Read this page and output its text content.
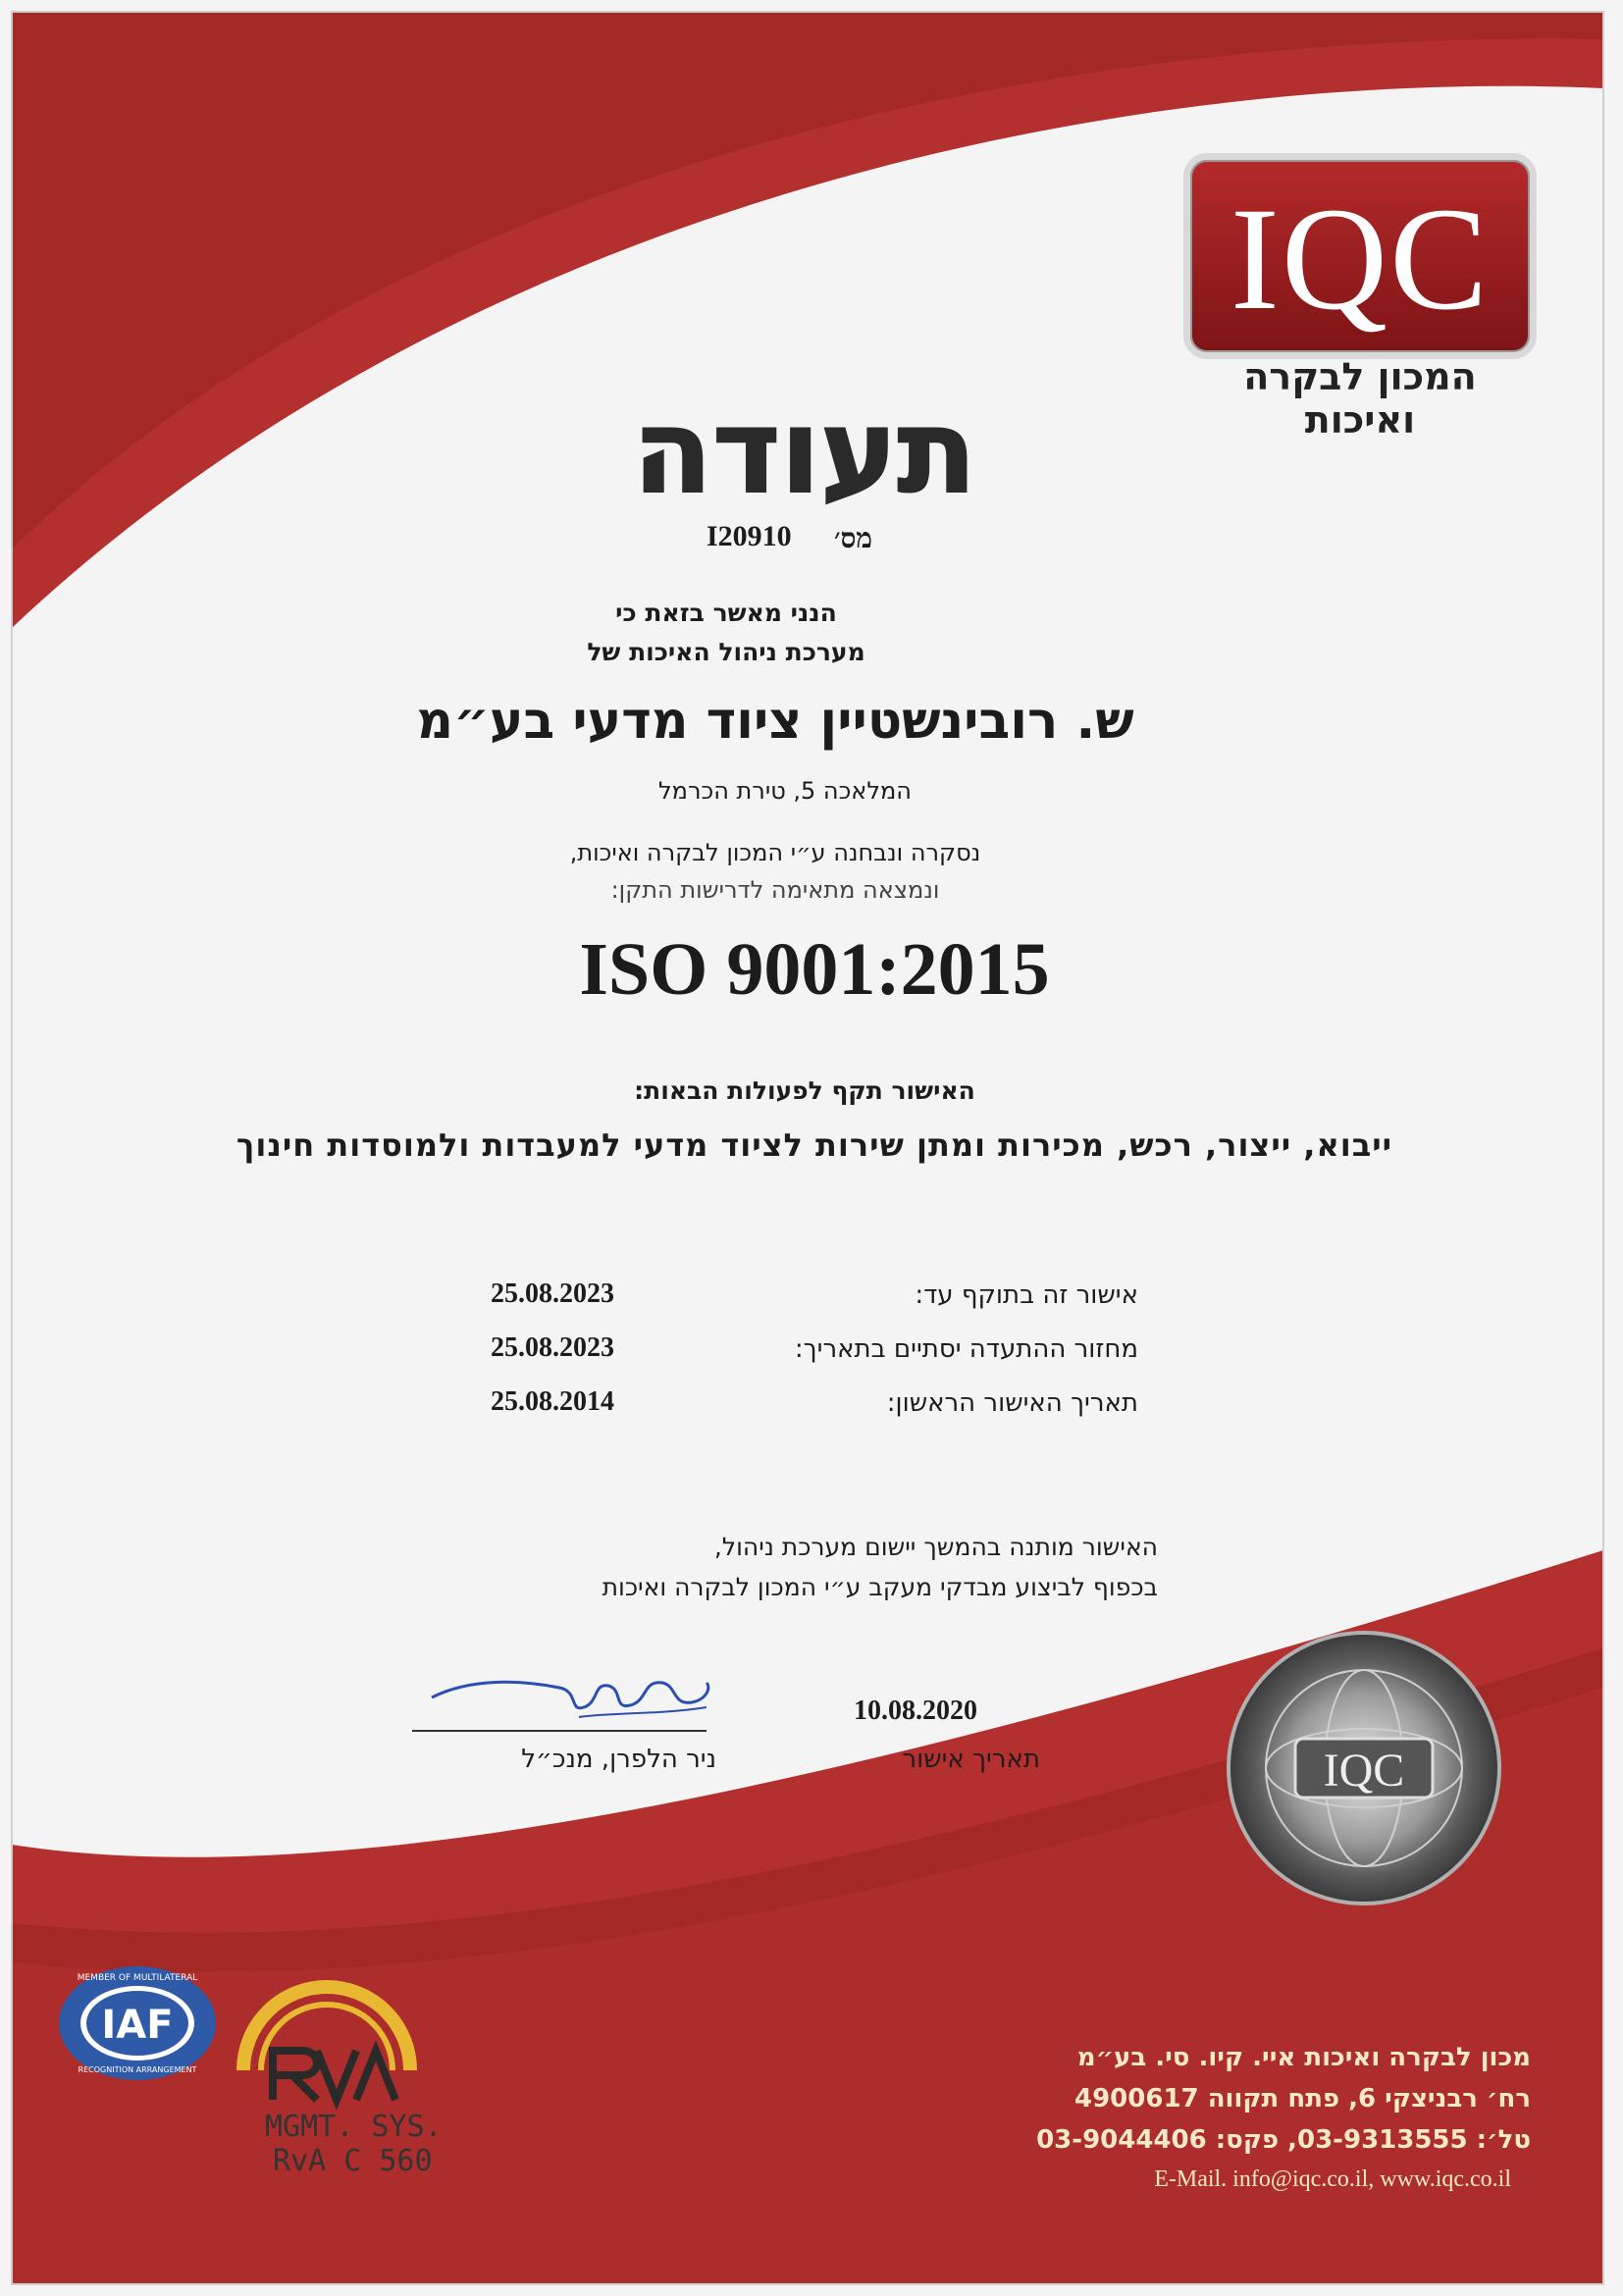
IQC
המכון לבקרה ואיכות
תעודה
מס׳
I20910
הנני מאשר בזאת כי
מערכת ניהול האיכות של
ש. רובינשטיין ציוד מדעי בע״מ
המלאכה 5, טירת הכרמל
נסקרה ונבחנה ע״י המכון לבקרה ואיכות,
ונמצאה מתאימה לדרישות התקן:
ISO 9001:2015
האישור תקף לפעולות הבאות:
ייבוא, ייצור, רכש, מכירות ומתן שירות לציוד מדעי למעבדות ולמוסדות חינוך
אישור זה בתוקף עד:
25.08.2023
מחזור ההתעדה יסתיים בתאריך:
25.08.2023
תאריך האישור הראשון:
25.08.2014
האישור מותנה בהמשך יישום מערכת ניהול,
בכפוף לביצוע מבדקי מעקב ע״י המכון לבקרה ואיכות
10.08.2020
תאריך אישור
ניר הלפרן, מנכ״ל	IQC
IAF
MEMBER OF MULTILATERAL
RECOGNITION ARRANGEMENT
MGMT. SYS.
RvA C 560
מכון לבקרה ואיכות איי. קיו. סי. בע״מ
רח׳ רבניצקי 6, פתח תקווה 4900617
טל׳: 03-9313555, פקס: 03-9044406
E-Mail. info@iqc.co.il, www.iqc.co.il
